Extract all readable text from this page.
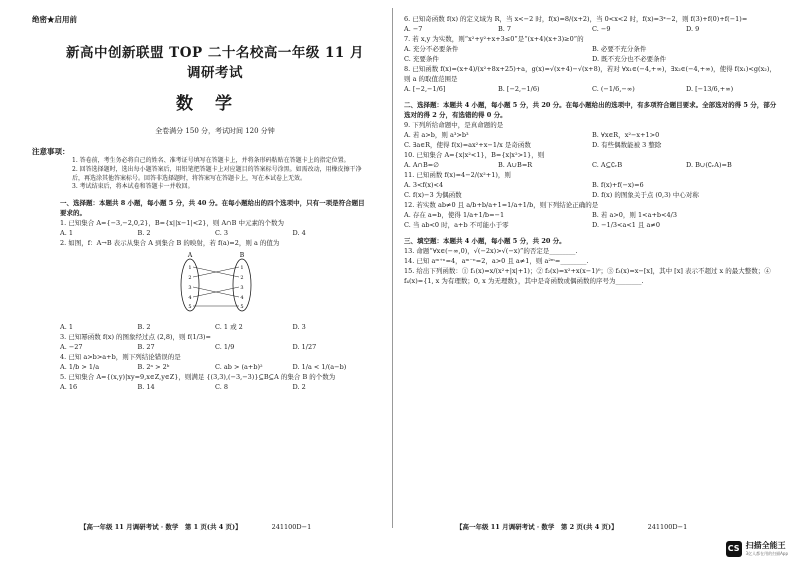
绝密★启用前
新高中创新联盟 TOP 二十名校高一年级 11 月调研考试
数学
全卷满分 150 分，考试时间 120 分钟
注意事项：
1. 答卷前，考生务必将自己的姓名、准考证号填写在答题卡上，并将条形码粘贴在答题卡上的指定位置。
2. 回答选择题时，选出每小题答案后，用铅笔把答题卡上对应题目的答案标号涂黑。如需改动，用橡皮擦干净后，再选涂其他答案标号。回答非选择题时，将答案写在答题卡上，写在本试卷上无效。
3. 考试结束后，将本试卷和答题卡一并收回。
一、选择题：本题共 8 小题，每小题 5 分，共 40 分。在每小题给出的四个选项中，只有一项是符合题目要求的。
1. 已知集合 A={−3,−2,0,2}，B={x||x−1|<2}，则 A∩B 中元素的个数为
A. 1	B. 2	C. 3	D. 4
2. 如图，f：A→B 表示从集合 A 到集合 B 的映射，若 f(a)=2，则 a 的值为
A	B
1
2
3
4
5
1
2
3
4
5
A. 1	B. 2	C. 1 或 2	D. 3
3. 已知幂函数 f(x) 的图象经过点 (2,8)，则 f(1/3)=
A. −27	B. 27	C. 1/9	D. 1/27
4. 已知 a>b>a+b，则下列结论错误的是
A. 1/b > 1/a	B. 2ᵃ > 2ᵇ	C. ab > (a+b)²	D. 1/a < 1/(a−b)
5. 已知集合 A={(x,y)|xy=9,x∈Z,y∈Z}，则满足 {(3,3),(−3,−3)}⊆B⊆A 的集合 B 的个数为
A. 16	B. 14	C. 8	D. 2
【高一年级 11 月调研考试 · 数学　第 1 页(共 4 页)】	241100D−1
6. 已知奇函数 f(x) 的定义域为 R，当 x<−2 时，f(x)=8/(x+2)，当 0<x<2 时，f(x)=3ˣ−2，则 f(3)+f(0)+f(−1)=
A. −7	B. 7	C. −9	D. 9
7. 若 x,y 为实数，则“x²+y²+x+3≤0”是“(x+4)(x+3)≥0”的
A. 充分不必要条件	B. 必要不充分条件
C. 充要条件	D. 既不充分也不必要条件
8. 已知函数 f(x)=(x+4)/(x²+8x+25)+a，g(x)=√(x+4)−√(x+8)，若对 ∀x₁∈(−4,+∞)，∃x₂∈(−4,+∞)，使得 f(x₁)<g(x₂)，则 a 的取值范围是
A. [−2,−1/6]	B. [−2,−1/6)	C. (−1/6,−∞)	D. [−13/6,+∞)
二、选择题：本题共 4 小题，每小题 5 分，共 20 分。在每小题给出的选项中，有多项符合题目要求。全部选对的得 5 分，部分选对的得 2 分，有选错的得 0 分。
9. 下列所给命题中，是真命题的是
A. 若 a>b，则 a³>b³	B. ∀x∈R，x²−x+1>0
C. ∃a∈R，使得 f(x)=ax²+x−1/x 是奇函数	D. 有些偶数能被 3 整除
10. 已知集合 A={x|x²<1}，B={x|x²>1}，则
A. A∩B=∅	B. A∪B=R	C. A⊆∁ᵣB	D. B∪(∁ᵣA)=B
11. 已知函数 f(x)=4−2/(x²+1)，则
A. 3<f(x)<4	B. f(x)+f(−x)=6
C. f(x)−3 为偶函数	D. f(x) 的图象关于点 (0,3) 中心对称
12. 若实数 ab≠0 且 a/b+b/a+1=1/a+1/b，则下列结论正确的是
A. 存在 a=b，使得 1/a+1/b=−1	B. 若 a>0，则 1<a+b<4/3
C. 当 ab<0 时，a+b 不可能小于零	D. −1/3<a<1 且 a≠0
三、填空题：本题共 4 小题，每小题 5 分，共 20 分。
13. 命题“∀x∈(−∞,0)，√(−2x)>√(−x)”的否定是________.
14. 已知 aᵐ⁺ⁿ=4，aᵐ⁻ⁿ=2，a>0 且 a≠1，则 a²ᵐ=________.
15. 给出下列函数：① f₁(x)=x/(x²+|x|+1)；② f₂(x)=x²+x(x−1)⁰；③ f₃(x)=x−[x]，其中 [x] 表示不超过 x 的最大整数；④ f₄(x)={1, x 为有理数；0, x 为无理数}，其中是奇函数或偶函数的序号为________.
【高一年级 11 月调研考试 · 数学　第 2 页(共 4 页)】	241100D−1
CS 扫描全能王
3亿人都在用的扫描App
